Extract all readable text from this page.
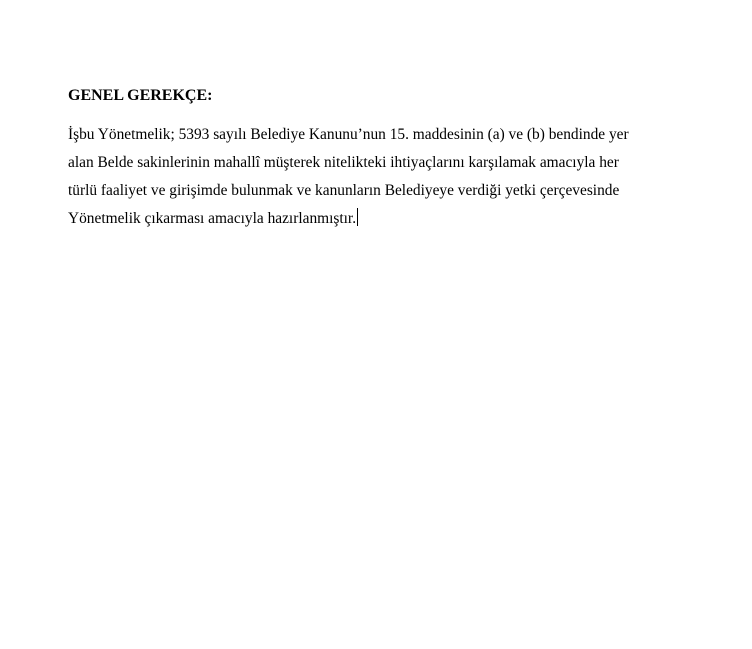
GENEL GEREKÇE:

İşbu Yönetmelik; 5393 sayılı Belediye Kanunu’nun 15. maddesinin (a) ve (b) bendinde yer
alan Belde sakinlerinin mahallî müşterek nitelikteki ihtiyaçlarını karşılamak amacıyla her
türlü faaliyet ve girişimde bulunmak ve kanunların Belediyeye verdiği yetki çerçevesinde
Yönetmelik çıkarması amacıyla hazırlanmıştır.
